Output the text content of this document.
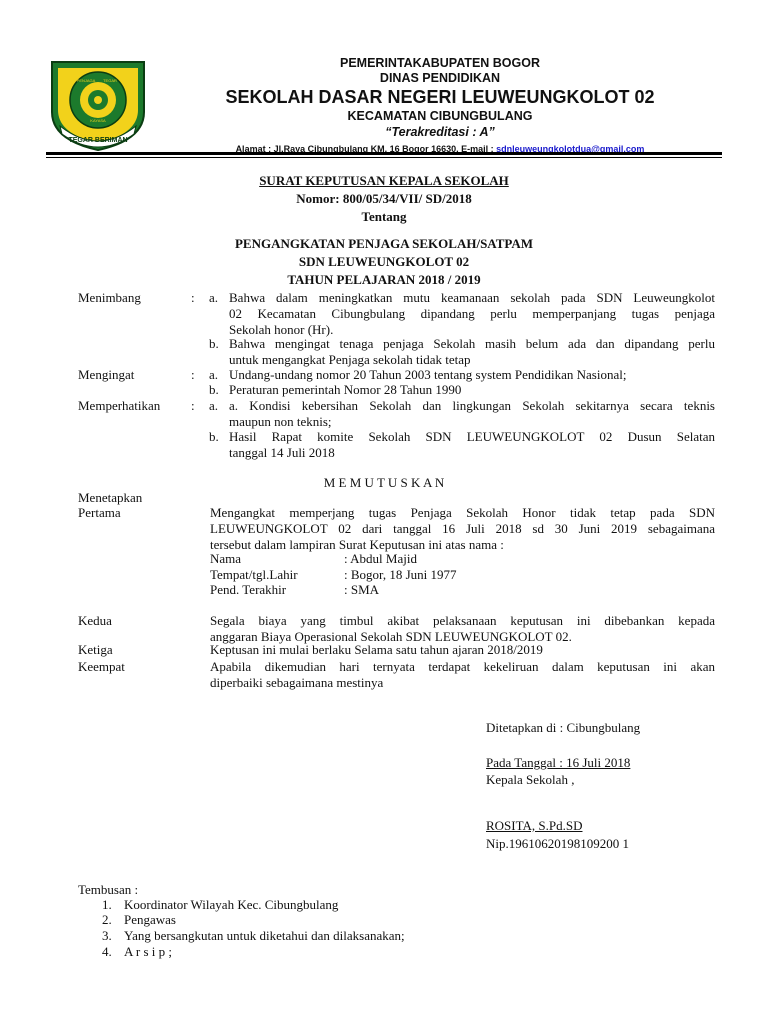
TEGAR BERIMAN
PENJAGA TEGAR
KAYASA
PEMERINTAKABUPATEN BOGOR
DINAS PENDIDIKAN
SEKOLAH DASAR NEGERI LEUWEUNGKOLOT 02
KECAMATAN CIBUNGBULANG
“Terakreditasi : A”
Alamat : Jl.Raya Cibungbulang KM. 16 Bogor 16630, E-mail : sdnleuweungkolotdua@gmail.com
SURAT KEPUTUSAN KEPALA SEKOLAH
Nomor: 800/05/34/VII/ SD/2018
Tentang
PENGANGKATAN PENJAGA SEKOLAH/SATPAM
SDN LEUWEUNGKOLOT 02
TAHUN PELAJARAN 2018 / 2019
Menimbang	: a. Bahwa dalam meningkatkan mutu keamanaan sekolah pada SDN Leuweungkolot
02 Kecamatan Cibungbulang dipandang perlu memperpanjang tugas penjaga
Sekolah honor (Hr).
b. Bahwa mengingat tenaga penjaga Sekolah masih belum ada dan dipandang perlu
untuk mengangkat Penjaga sekolah tidak tetap
Mengingat	: a. Undang-undang nomor 20 Tahun 2003 tentang system Pendidikan Nasional;
b. Peraturan pemerintah Nomor 28 Tahun 1990
Memperhatikan : a. a. Kondisi kebersihan Sekolah dan lingkungan Sekolah sekitarnya secara teknis
maupun non teknis;
b. Hasil Rapat komite Sekolah SDN LEUWEUNGKOLOT 02 Dusun Selatan
tanggal 14 Juli 2018
M E M U T U S K A N
Menetapkan
Pertama	Mengangkat memperjang tugas Penjaga Sekolah Honor tidak tetap pada SDN
LEUWEUNGKOLOT 02 dari tanggal 16 Juli 2018 sd 30 Juni 2019 sebagaimana
tersebut dalam lampiran Surat Keputusan ini atas nama :
Nama	: Abdul Majid
Tempat/tgl.Lahir	: Bogor, 18 Juni 1977
Pend. Terakhir	: SMA
Kedua	Segala biaya yang timbul akibat pelaksanaan keputusan ini dibebankan kepada
anggaran Biaya Operasional Sekolah SDN LEUWEUNGKOLOT 02.
Ketiga	Keptusan ini mulai berlaku Selama satu tahun ajaran 2018/2019
Keempat	Apabila dikemudian hari ternyata terdapat kekeliruan dalam keputusan ini akan
diperbaiki sebagaimana mestinya
Ditetapkan di : Cibungbulang
Pada Tanggal : 16 Juli 2018
Kepala Sekolah ,
ROSITA, S.Pd.SD
Nip.19610620198109200 1
Tembusan :
1. Koordinator Wilayah Kec. Cibungbulang
2. Pengawas
3. Yang bersangkutan untuk diketahui dan dilaksanakan;
4. A r s i p ;
